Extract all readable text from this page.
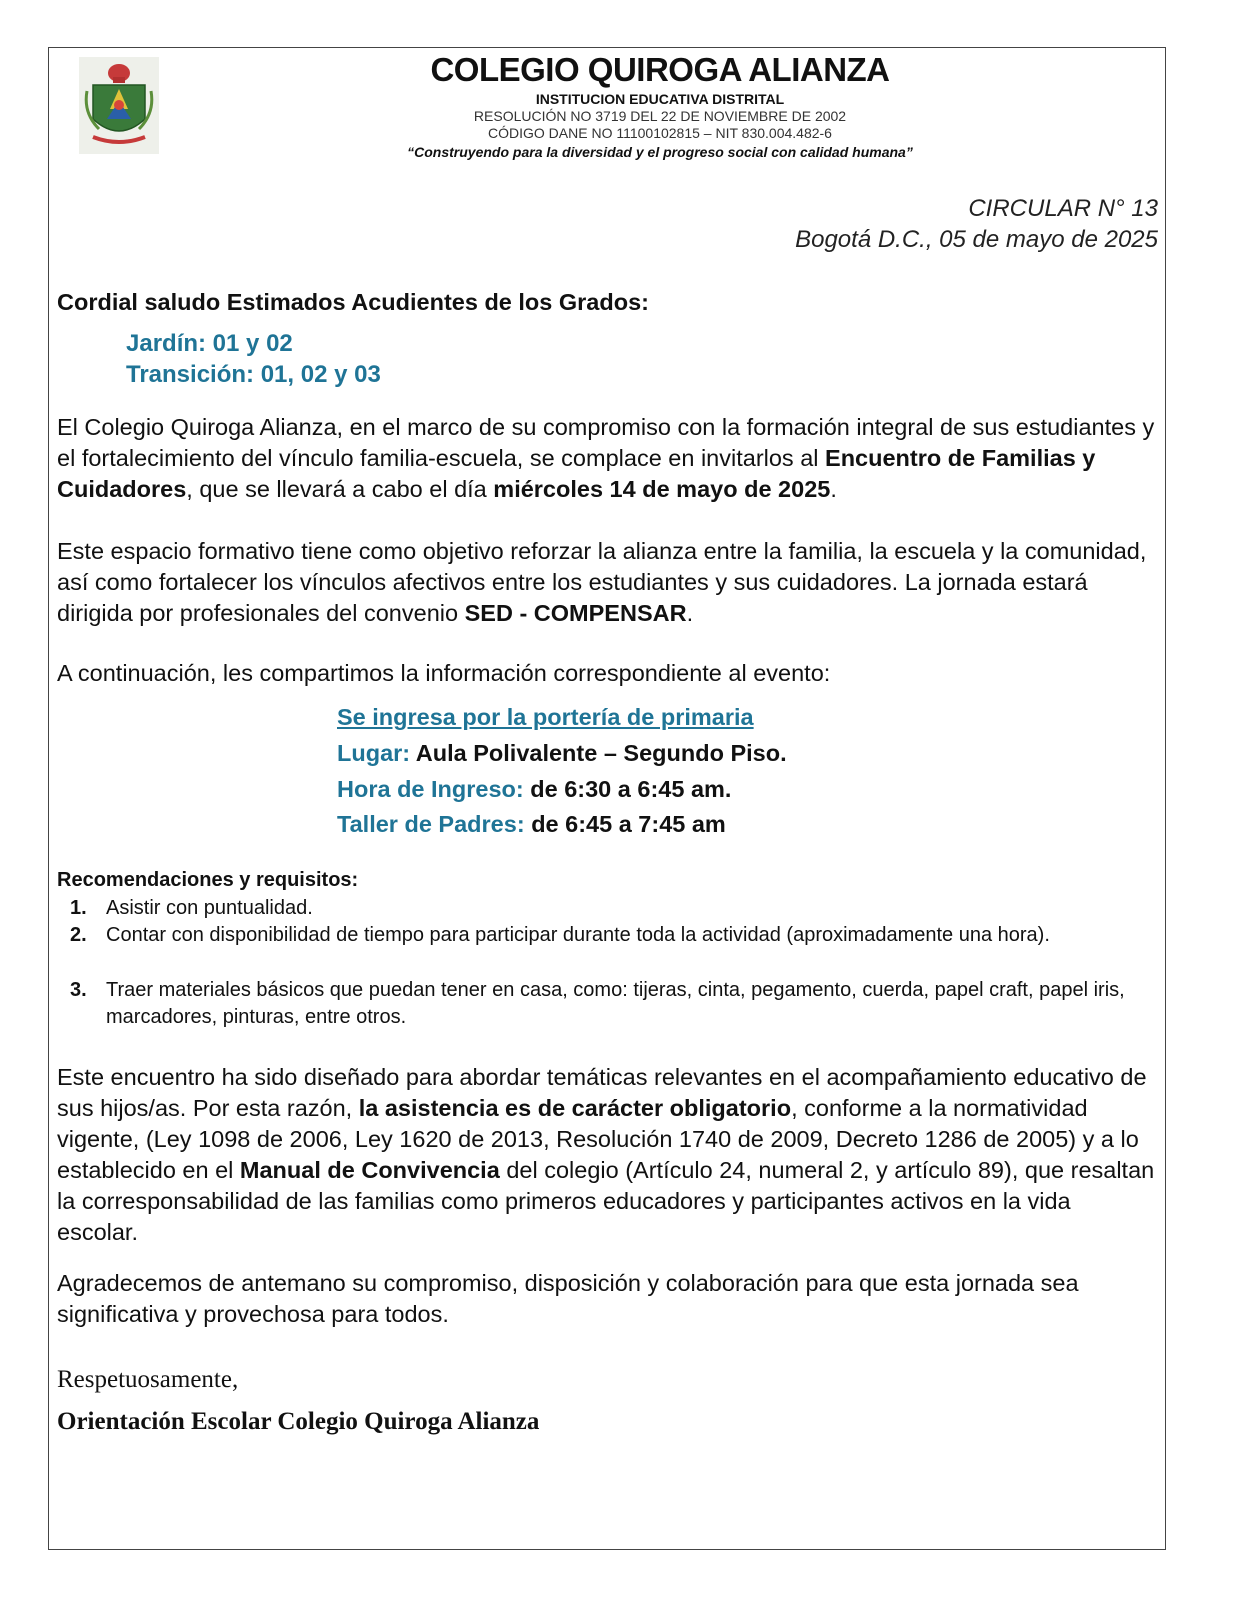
COLEGIO QUIROGA ALIANZA
INSTITUCION EDUCATIVA DISTRITAL
RESOLUCIÓN NO 3719 DEL 22 DE NOVIEMBRE DE 2002
CÓDIGO DANE NO 11100102815 – NIT 830.004.482-6
“Construyendo para la diversidad y el progreso social con calidad humana”
CIRCULAR N° 13
Bogotá D.C., 05 de mayo de 2025
Cordial saludo Estimados Acudientes de los Grados:
Jardín: 01 y 02
Transición: 01, 02 y 03
El Colegio Quiroga Alianza, en el marco de su compromiso con la formación integral de sus estudiantes y el fortalecimiento del vínculo familia-escuela, se complace en invitarlos al Encuentro de Familias y Cuidadores, que se llevará a cabo el día miércoles 14 de mayo de 2025.
Este espacio formativo tiene como objetivo reforzar la alianza entre la familia, la escuela y la comunidad, así como fortalecer los vínculos afectivos entre los estudiantes y sus cuidadores. La jornada estará dirigida por profesionales del convenio SED - COMPENSAR.
A continuación, les compartimos la información correspondiente al evento:
Se ingresa por la portería de primaria
Lugar: Aula Polivalente – Segundo Piso.
Hora de Ingreso: de 6:30 a 6:45 am.
Taller de Padres: de 6:45 a 7:45 am
Recomendaciones y requisitos:
1. Asistir con puntualidad.
2. Contar con disponibilidad de tiempo para participar durante toda la actividad (aproximadamente una hora).
3. Traer materiales básicos que puedan tener en casa, como: tijeras, cinta, pegamento, cuerda, papel craft, papel iris, marcadores, pinturas, entre otros.
Este encuentro ha sido diseñado para abordar temáticas relevantes en el acompañamiento educativo de sus hijos/as. Por esta razón, la asistencia es de carácter obligatorio, conforme a la normatividad vigente, (Ley 1098 de 2006, Ley 1620 de 2013, Resolución 1740 de 2009, Decreto 1286 de 2005) y a lo establecido en el Manual de Convivencia del colegio (Artículo 24, numeral 2, y artículo 89), que resaltan la corresponsabilidad de las familias como primeros educadores y participantes activos en la vida escolar.
Agradecemos de antemano su compromiso, disposición y colaboración para que esta jornada sea significativa y provechosa para todos.
Respetuosamente,
Orientación Escolar Colegio Quiroga Alianza
